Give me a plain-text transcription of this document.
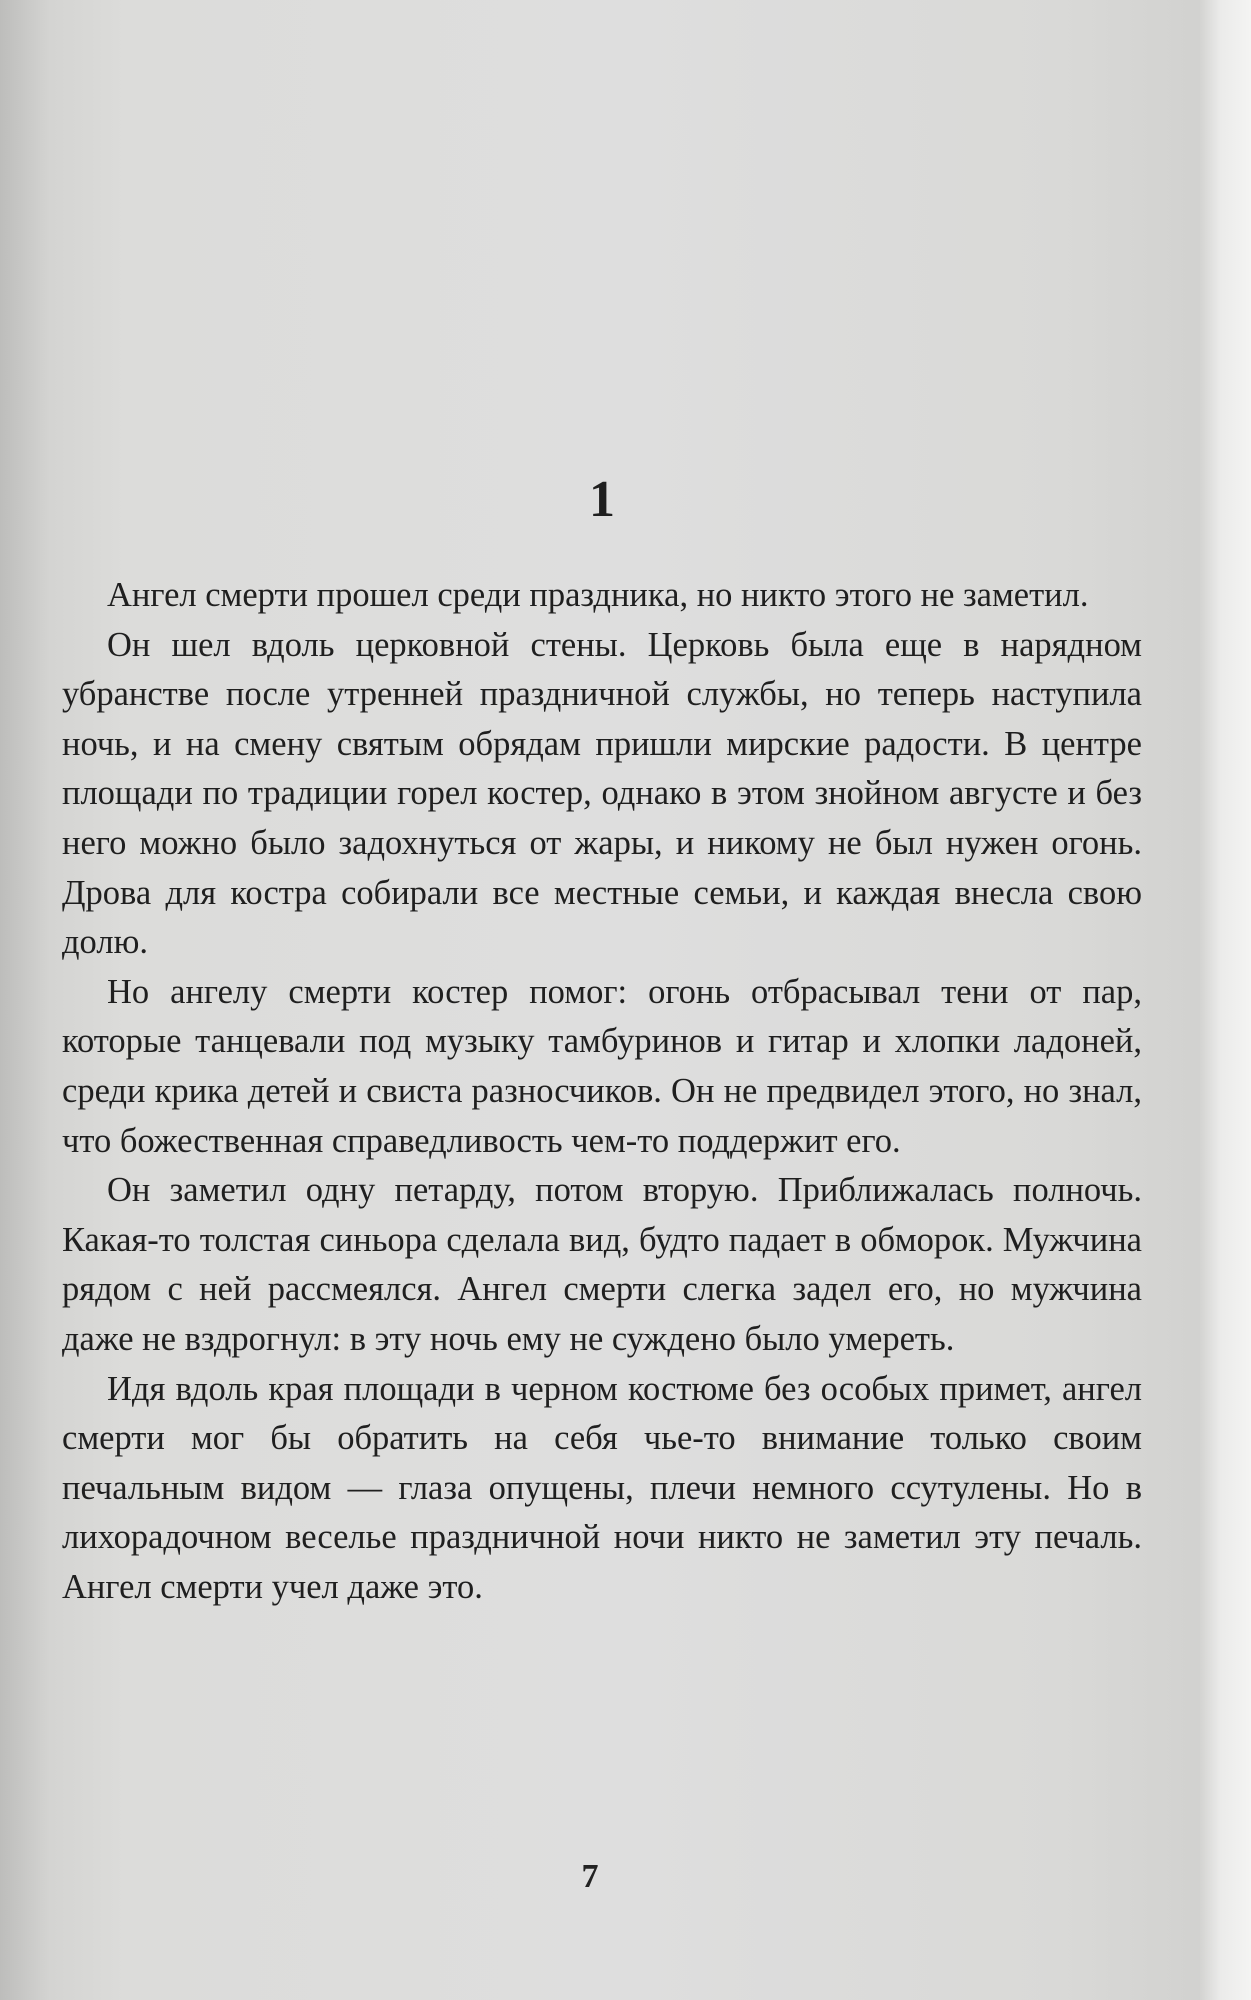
1

Ангел смерти прошел среди праздника, но никто этого не заметил.

Он шел вдоль церковной стены. Церковь была еще в нарядном убранстве после утренней праздничной службы, но теперь наступила ночь, и на смену святым обрядам пришли мирские радости. В центре площади по традиции горел костер, однако в этом знойном августе и без него можно было задохнуться от жары, и никому не был нужен огонь. Дрова для костра собирали все местные семьи, и каждая внесла свою долю.

Но ангелу смерти костер помог: огонь отбрасывал тени от пар, которые танцевали под музыку тамбуринов и гитар и хлопки ладоней, среди крика детей и свиста разносчиков. Он не предвидел этого, но знал, что божественная справедливость чем-то поддержит его.

Он заметил одну петарду, потом вторую. Приближалась полночь. Какая-то толстая синьора сделала вид, будто падает в обморок. Мужчина рядом с ней рассмеялся. Ангел смерти слегка задел его, но мужчина даже не вздрогнул: в эту ночь ему не суждено было умереть.

Идя вдоль края площади в черном костюме без особых примет, ангел смерти мог бы обратить на себя чье-то внимание только своим печальным видом — глаза опущены, плечи немного ссутулены. Но в лихорадочном веселье праздничной ночи никто не заметил эту печаль. Ангел смерти учел даже это.

7
